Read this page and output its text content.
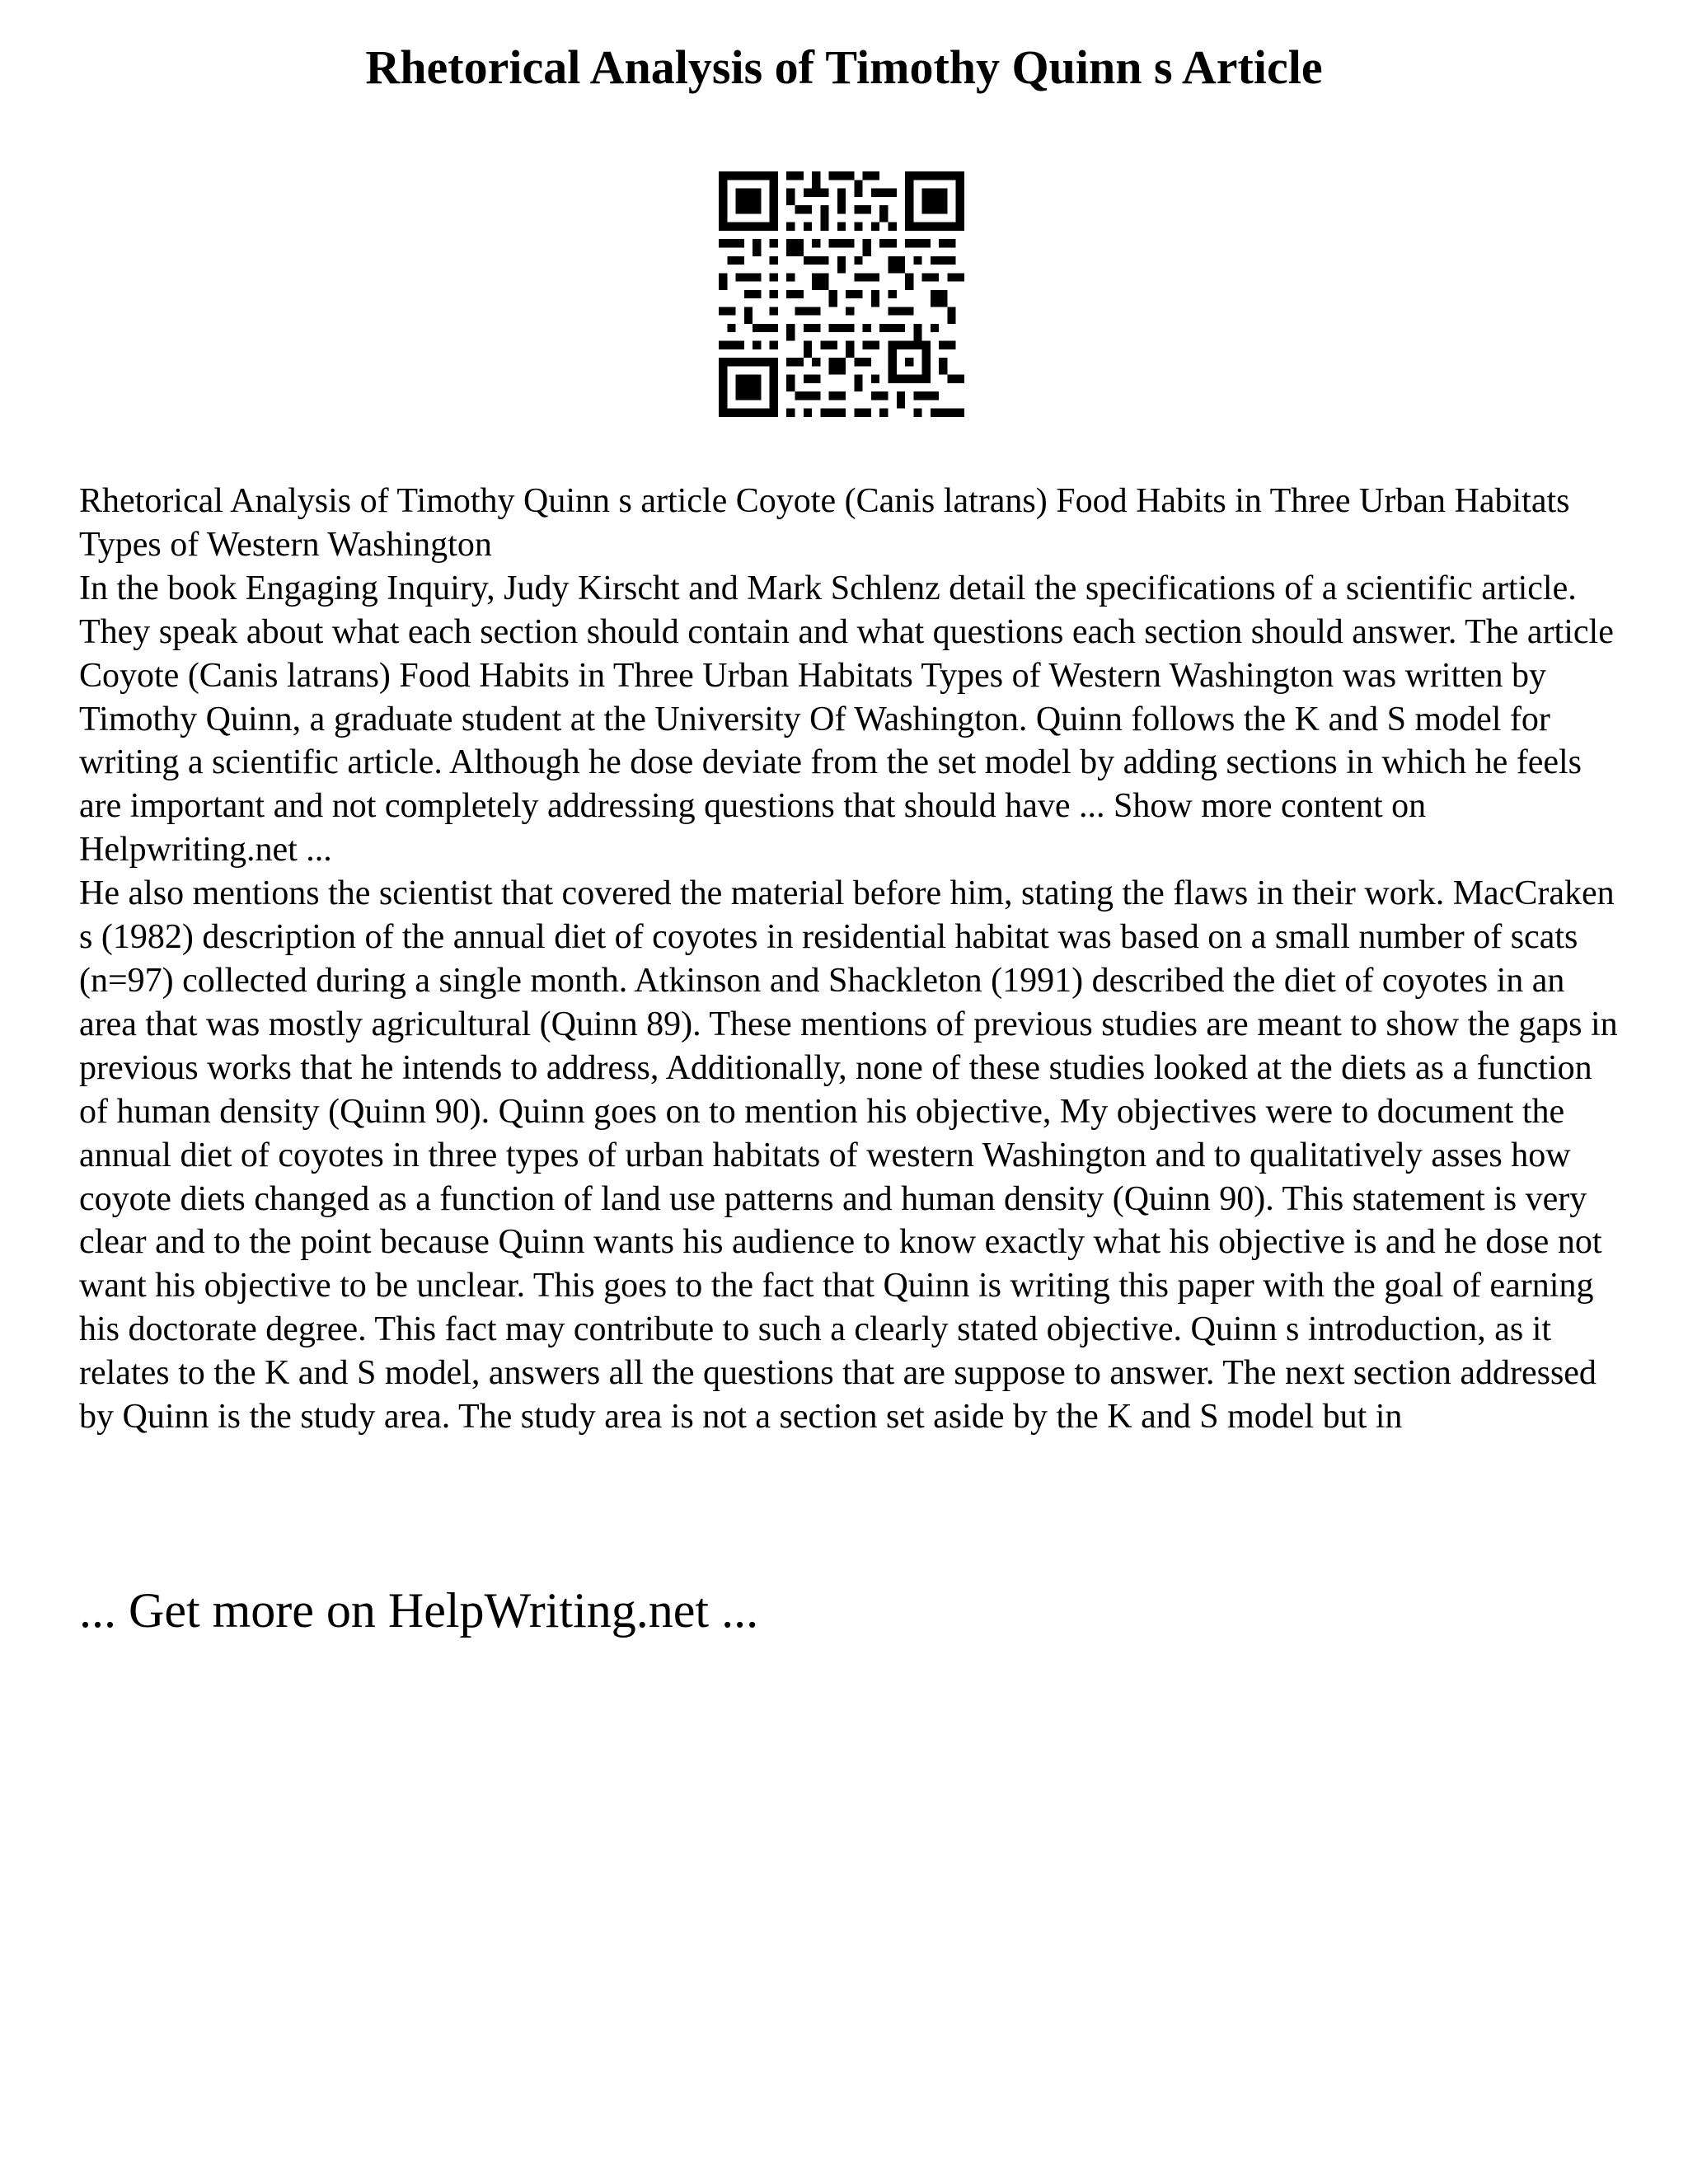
Rhetorical Analysis of Timothy Quinn s Article

Rhetorical Analysis of Timothy Quinn s article Coyote (Canis latrans) Food Habits in Three Urban Habitats Types of Western Washington

In the book Engaging Inquiry, Judy Kirscht and Mark Schlenz detail the specifications of a scientific article. They speak about what each section should contain and what questions each section should answer. The article Coyote (Canis latrans) Food Habits in Three Urban Habitats Types of Western Washington was written by Timothy Quinn, a graduate student at the University Of Washington. Quinn follows the K and S model for writing a scientific article. Although he dose deviate from the set model by adding sections in which he feels are important and not completely addressing questions that should have ... Show more content on Helpwriting.net ...

He also mentions the scientist that covered the material before him, stating the flaws in their work. MacCraken s (1982) description of the annual diet of coyotes in residential habitat was based on a small number of scats (n=97) collected during a single month. Atkinson and Shackleton (1991) described the diet of coyotes in an area that was mostly agricultural (Quinn 89). These mentions of previous studies are meant to show the gaps in previous works that he intends to address, Additionally, none of these studies looked at the diets as a function of human density (Quinn 90). Quinn goes on to mention his objective, My objectives were to document the annual diet of coyotes in three types of urban habitats of western Washington and to qualitatively asses how coyote diets changed as a function of land use patterns and human density (Quinn 90). This statement is very clear and to the point because Quinn wants his audience to know exactly what his objective is and he dose not want his objective to be unclear. This goes to the fact that Quinn is writing this paper with the goal of earning his doctorate degree. This fact may contribute to such a clearly stated objective. Quinn s introduction, as it relates to the K and S model, answers all the questions that are suppose to answer. The next section addressed by Quinn is the study area. The study area is not a section set aside by the K and S model but in

... Get more on HelpWriting.net ...
